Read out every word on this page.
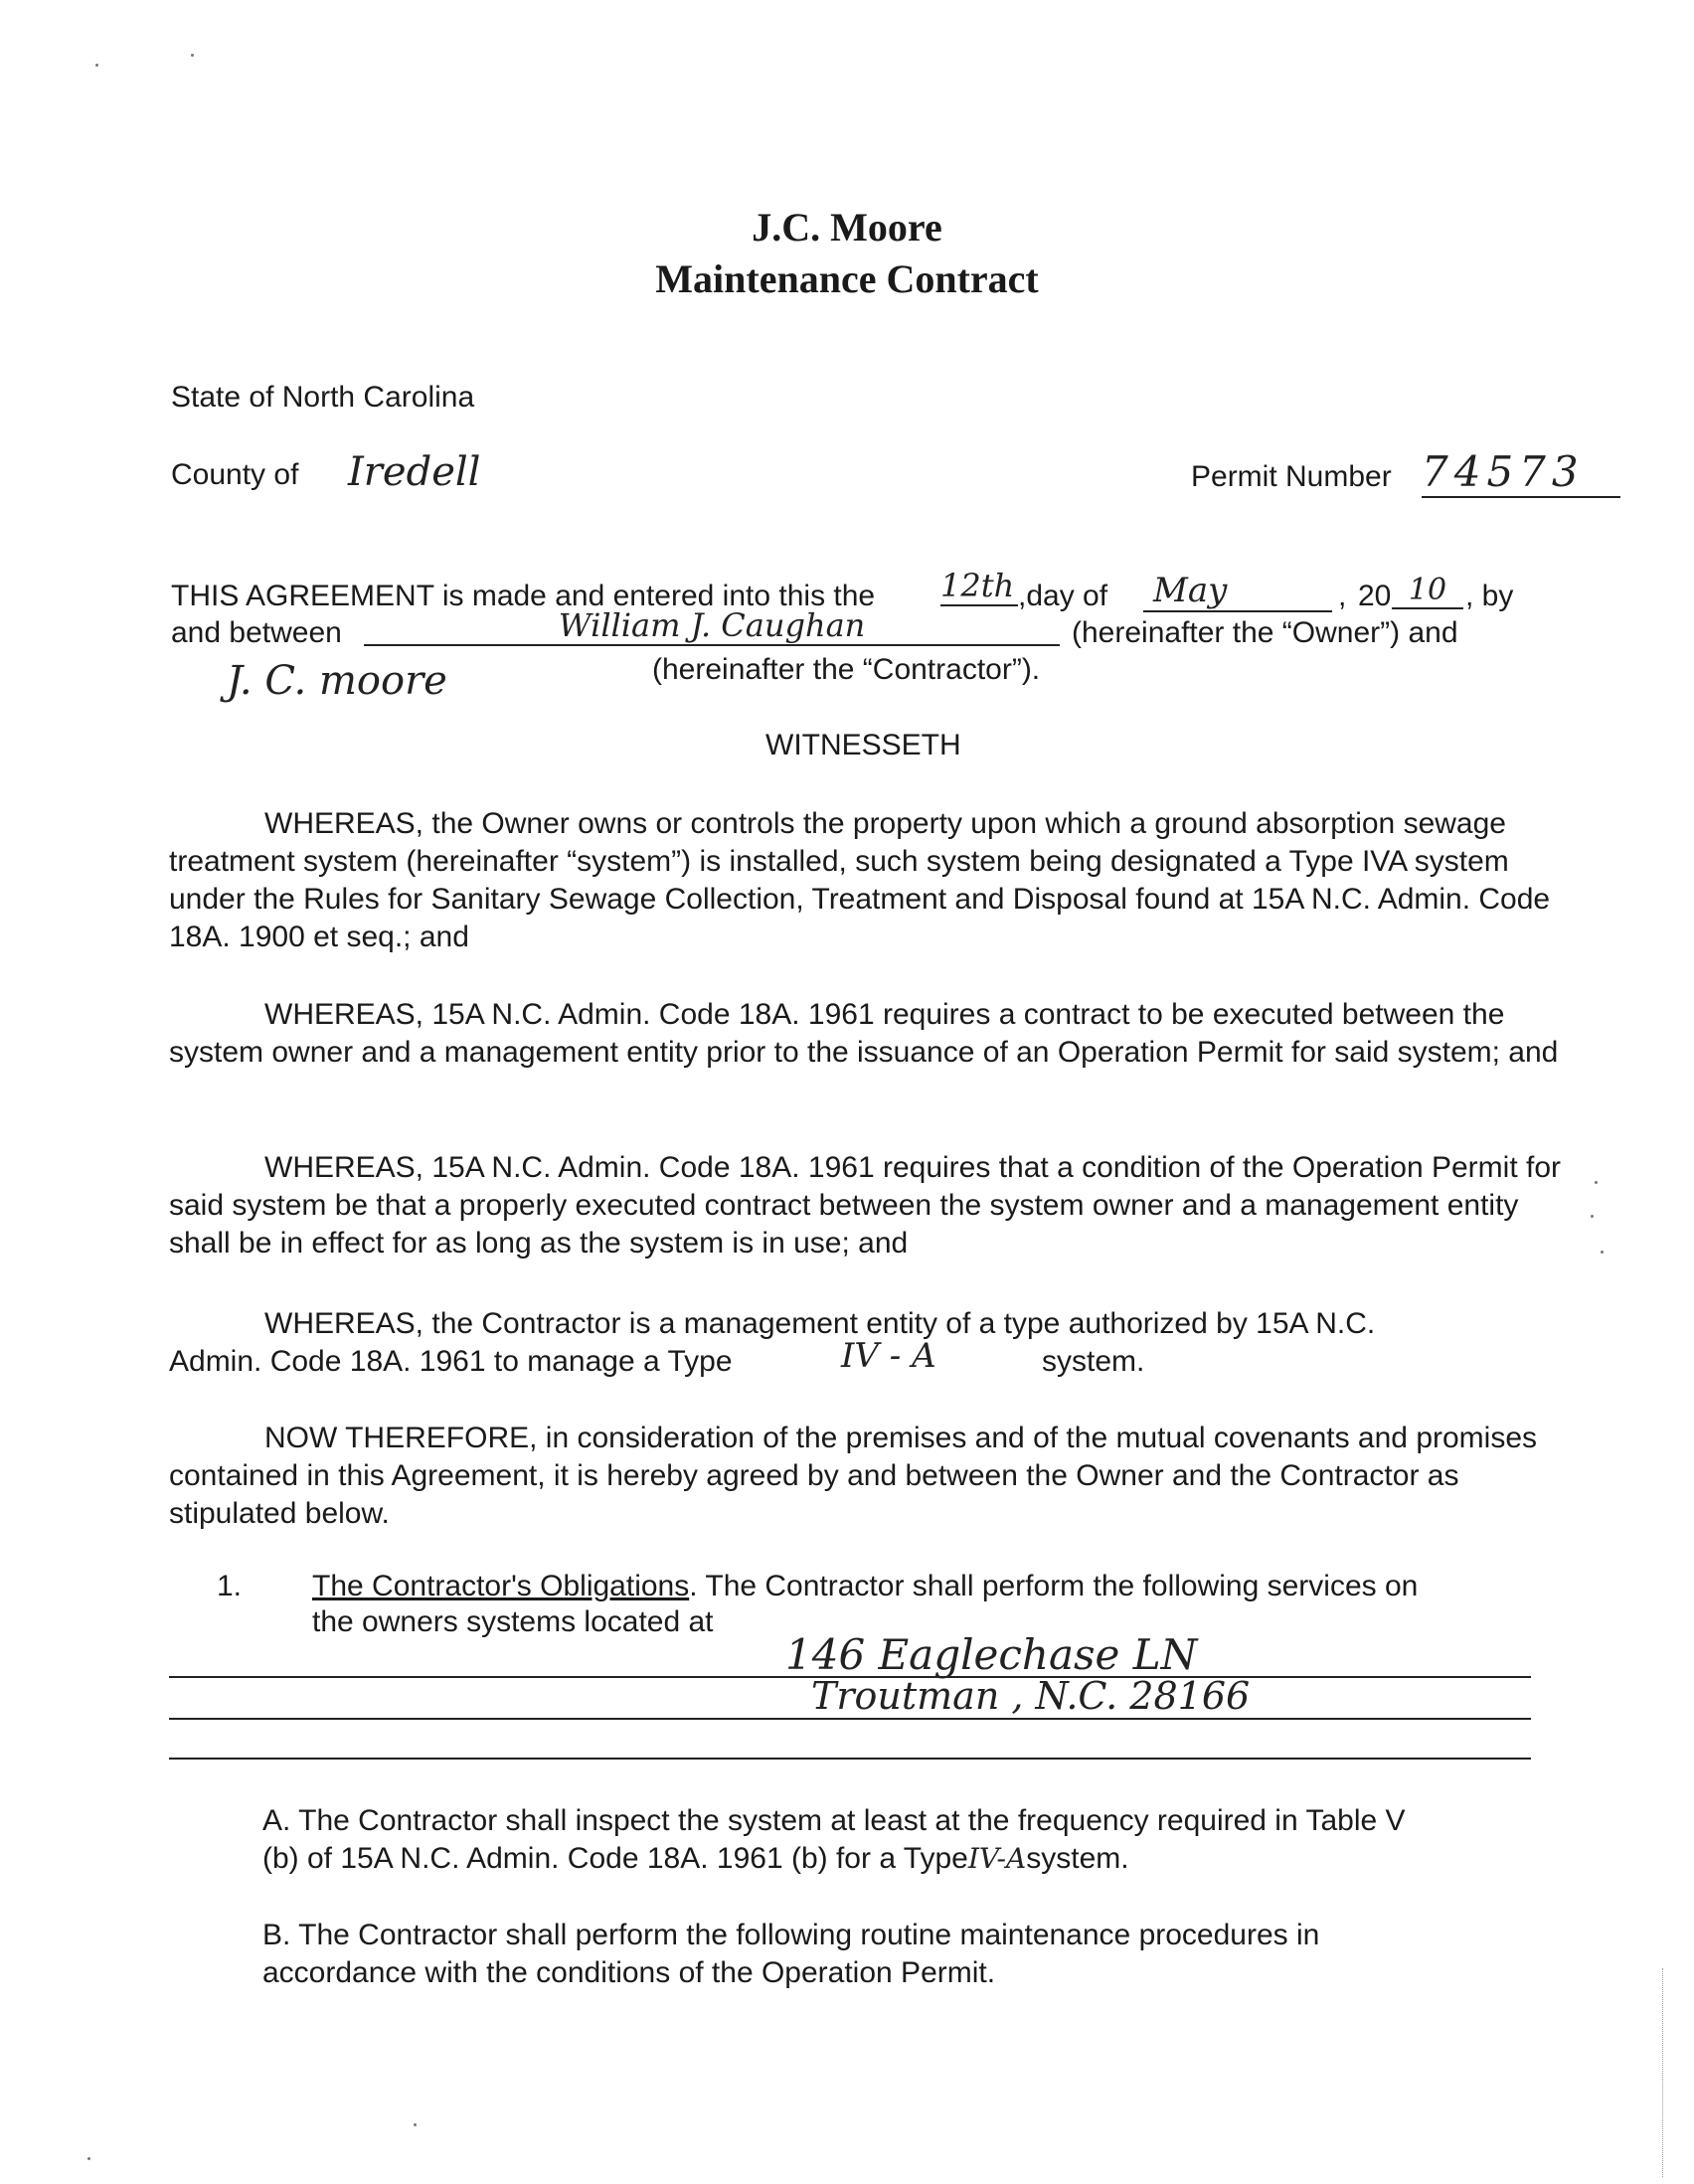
J.C. Moore
Maintenance Contract
State of North Carolina
County of Iredell	Permit Number 74573
THIS AGREEMENT is made and entered into this the 12th ,day of May	, 20 10 , by
and between	William J. Caughan	(hereinafter the “Owner”) and
J. C. moore	(hereinafter the “Contractor”).
WITNESSETH

WHEREAS, the Owner owns or controls the property upon which a ground absorption sewage treatment system (hereinafter “system”) is installed, such system being designated a Type IVA system under the Rules for Sanitary Sewage Collection, Treatment and Disposal found at 15A N.C. Admin. Code 18A. 1900 et seq.; and

WHEREAS, 15A N.C. Admin. Code 18A. 1961 requires a contract to be executed between the system owner and a management entity prior to the issuance of an Operation Permit for said system; and

WHEREAS, 15A N.C. Admin. Code 18A. 1961 requires that a condition of the Operation Permit for said system be that a properly executed contract between the system owner and a management entity shall be in effect for as long as the system is in use; and

WHEREAS, the Contractor is a management entity of a type authorized by 15A N.C.
Admin. Code 18A. 1961 to manage a Type	IV - A	system.

NOW THEREFORE, in consideration of the premises and of the mutual covenants and promises contained in this Agreement, it is hereby agreed by and between the Owner and the Contractor as stipulated below.

1. The Contractor's Obligations. The Contractor shall perform the following services on
the owners systems located at
146 Eaglechase LN
Troutman , N.C. 28166
A. The Contractor shall inspect the system at least at the frequency required in Table V
(b) of 15A N.C. Admin. Code 18A. 1961 (b) for a TypeIV-Asystem.

B. The Contractor shall perform the following routine maintenance procedures in accordance with the conditions of the Operation Permit.
